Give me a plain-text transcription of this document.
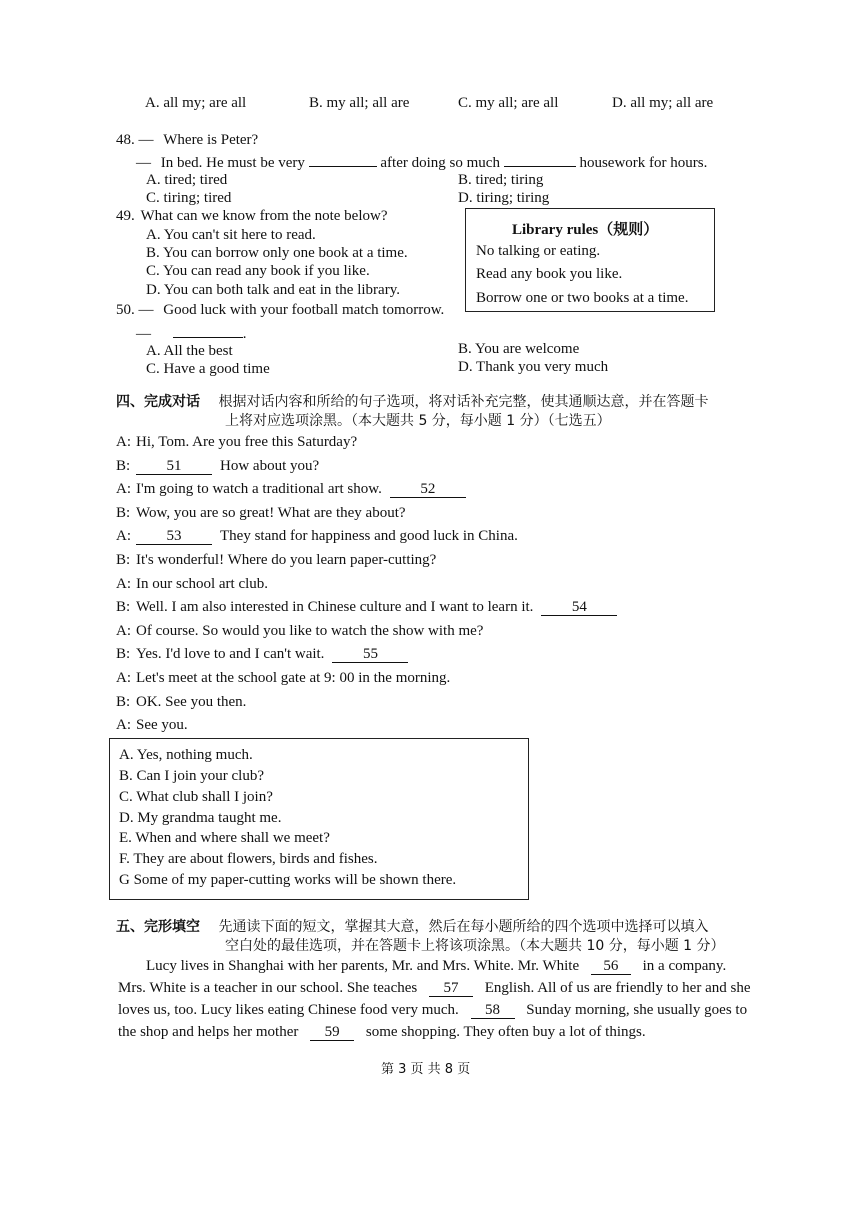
A. all my; are all	B. my all; all are	C. my all; are all	D. all my; all are
48. — Where is Peter?
— In bed. He must be very	after doing so much	housework for hours.
A. tired; tired	B. tired; tiring
C. tiring; tired	D. tiring; tiring
49. What can we know from the note below?
A. You can't sit here to read.
B. You can borrow only one book at a time.
C. You can read any book if you like.
D. You can both talk and eat in the library.
Library rules（规则）
No talking or eating.
Read any book you like.
Borrow one or two books at a time.
50. — Good luck with your football match tomorrow.
—	.
A. All the best	B. You are welcome
C. Have a good time	D. Thank you very much
四、完成对话 根据对话内容和所给的句子选项，将对话补充完整，使其通顺达意，并在答题卡
上将对应选项涂黑。（本大题共 5 分，每小题 1 分）（七选五）
A: Hi, Tom. Are you free this Saturday?
B: 51	How about you?
A: I'm going to watch a traditional art show.	52
B: Wow, you are so great! What are they about?
A: 53	They stand for happiness and good luck in China.
B: It's wonderful! Where do you learn paper-cutting?
A: In our school art club.
B: Well. I am also interested in Chinese culture and I want to learn it.	54
A: Of course. So would you like to watch the show with me?
B: Yes. I'd love to and I can't wait.	55
A: Let's meet at the school gate at 9: 00 in the morning.
B: OK. See you then.
A: See you.
A. Yes, nothing much.
B. Can I join your club?
C. What club shall I join?
D. My grandma taught me.
E. When and where shall we meet?
F. They are about flowers, birds and fishes.
G Some of my paper-cutting works will be shown there.
五、完形填空 先通读下面的短文，掌握其大意，然后在每小题所给的四个选项中选择可以填入
空白处的最佳选项，并在答题卡上将该项涂黑。（本大题共 10 分，每小题 1 分）
Lucy lives in Shanghai with her parents, Mr. and Mrs. White. Mr. White 56 in a company.
Mrs. White is a teacher in our school. She teaches 57 English. All of us are friendly to her and she
loves us, too. Lucy likes eating Chinese food very much. 58 Sunday morning, she usually goes to
the shop and helps her mother 59 some shopping. They often buy a lot of things.
第 3 页 共 8 页
